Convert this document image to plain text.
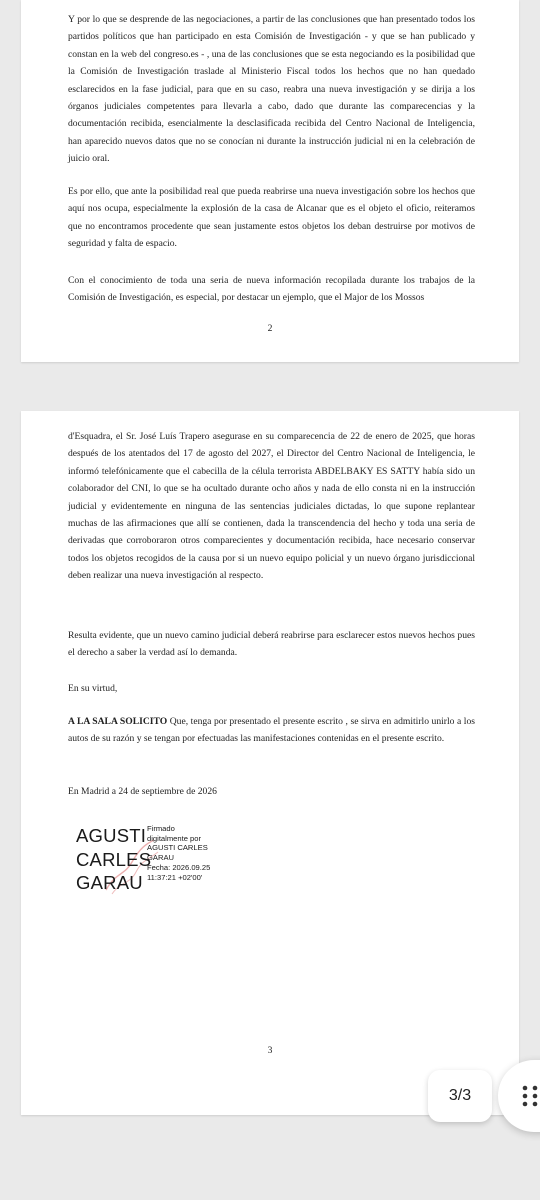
Y por lo que se desprende de las negociaciones, a partir de las conclusiones que han presentado todos los partidos políticos que han participado en esta Comisión de Investigación - y que se han publicado y constan en la web del congreso.es - , una de las conclusiones que se esta negociando es la posibilidad que la Comisión de Investigación traslade al Ministerio Fiscal todos los hechos que no han quedado esclarecidos en la fase judicial, para que en su caso, reabra una nueva investigación y se dirija a los órganos judiciales competentes para llevarla a cabo, dado que durante las comparecencias y la documentación recibida, esencialmente la desclasificada recibida del Centro Nacional de Inteligencia, han aparecido nuevos datos que no se conocían ni durante la instrucción judicial ni en la celebración de juicio oral.

Es por ello, que ante la posibilidad real que pueda reabrirse una nueva investigación sobre los hechos que aquí nos ocupa, especialmente la explosión de la casa de Alcanar que es el objeto el oficio, reiteramos que no encontramos procedente que sean justamente estos objetos los deban destruirse por motivos de seguridad y falta de espacio.

Con el conocimiento de toda una seria de nueva información recopilada durante los trabajos de la Comisión de Investigación, es especial, por destacar un ejemplo, que el Major de los Mossos

2

d'Esquadra, el Sr. José Luís Trapero asegurase en su comparecencia de 22 de enero de 2025, que horas después de los atentados del 17 de agosto del 2027, el Director del Centro Nacional de Inteligencia, le informó telefónicamente que el cabecilla de la célula terrorista ABDELBAKY ES SATTY había sido un colaborador del CNI, lo que se ha ocultado durante ocho años y nada de ello consta ni en la instrucción judicial y evidentemente en ninguna de las sentencias judiciales dictadas, lo que supone replantear muchas de las afirmaciones que allí se contienen, dada la transcendencia del hecho y toda una seria de derivadas que corroboraron otros comparecientes y documentación recibida, hace necesario conservar todos los objetos recogidos de la causa por si un nuevo equipo policial y un nuevo órgano jurisdiccional deben realizar una nueva investigación al respecto.

Resulta evidente, que un nuevo camino judicial deberá reabrirse para esclarecer estos nuevos hechos pues el derecho a saber la verdad así lo demanda.

En su virtud,

A LA SALA SOLICITO Que, tenga por presentado el presente escrito , se sirva en admitirlo unirlo a los autos de su razón y se tengan por efectuadas las manifestaciones contenidas en el presente escrito.

En Madrid a 24 de septiembre de 2026

AGUSTI
CARLES
GARAU
Firmado
digitalmente por
AGUSTI CARLES
GARAU
Fecha: 2026.09.25
11:37:21 +02'00'
3
3/3
